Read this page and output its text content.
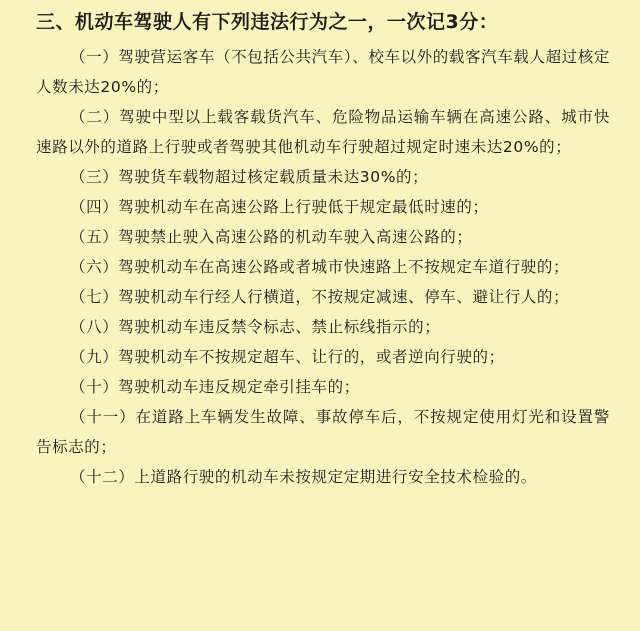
三、机动车驾驶人有下列违法行为之一，一次记3分：

（一）驾驶营运客车（不包括公共汽车）、校车以外的载客汽车载人超过核定人数未达20%的；

（二）驾驶中型以上载客载货汽车、危险物品运输车辆在高速公路、城市快速路以外的道路上行驶或者驾驶其他机动车行驶超过规定时速未达20%的；

（三）驾驶货车载物超过核定载质量未达30%的；

（四）驾驶机动车在高速公路上行驶低于规定最低时速的；

（五）驾驶禁止驶入高速公路的机动车驶入高速公路的；

（六）驾驶机动车在高速公路或者城市快速路上不按规定车道行驶的；

（七）驾驶机动车行经人行横道，不按规定减速、停车、避让行人的；

（八）驾驶机动车违反禁令标志、禁止标线指示的；

（九）驾驶机动车不按规定超车、让行的，或者逆向行驶的；

（十）驾驶机动车违反规定牵引挂车的；

（十一）在道路上车辆发生故障、事故停车后，不按规定使用灯光和设置警告标志的；

（十二）上道路行驶的机动车未按规定定期进行安全技术检验的。
